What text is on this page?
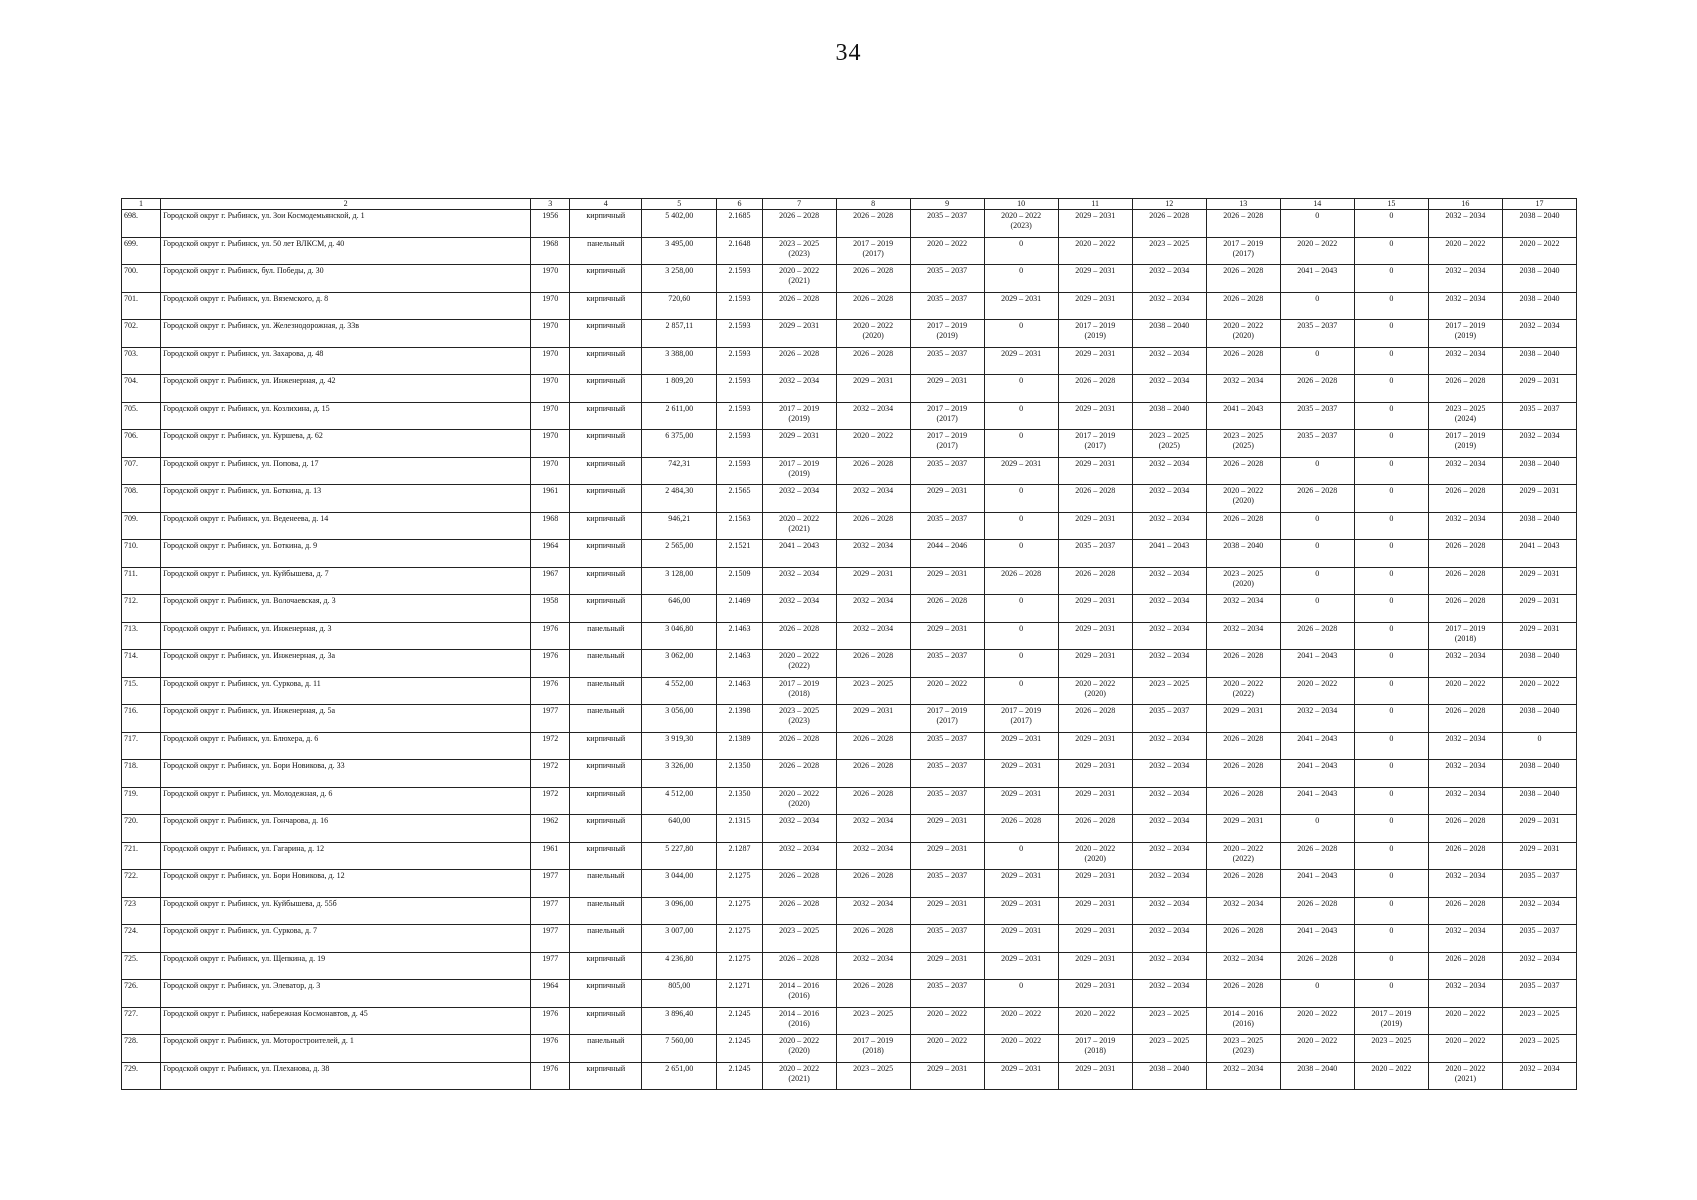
34
1	2	3	4	5	6	7	8	9	10	11	12	13	14	15	16	17

698.	Городской округ г. Рыбинск, ул. Зои Космодемьянской, д. 1	1956	кирпичный	5 402,00	2.1685	2026 – 2028	2026 – 2028	2035 – 2037	2020 – 2022
(2023)	2029 – 2031	2026 – 2028	2026 – 2028	0	0	2032 – 2034	2038 – 2040

699.	Городской округ г. Рыбинск, ул. 50 лет ВЛКСМ, д. 40	1968	панельный	3 495,00	2.1648	2023 – 2025
(2023)	2017 – 2019
(2017)	2020 – 2022	0	2020 – 2022	2023 – 2025	2017 – 2019
(2017)	2020 – 2022	0	2020 – 2022	2020 – 2022

700.	Городской округ г. Рыбинск, бул. Победы, д. 30	1970	кирпичный	3 258,00	2.1593	2020 – 2022
(2021)	2026 – 2028	2035 – 2037	0	2029 – 2031	2032 – 2034	2026 – 2028	2041 – 2043	0	2032 – 2034	2038 – 2040

701.	Городской округ г. Рыбинск, ул. Вяземского, д. 8	1970	кирпичный	720,60	2.1593	2026 – 2028	2026 – 2028	2035 – 2037	2029 – 2031	2029 – 2031	2032 – 2034	2026 – 2028	0	0	2032 – 2034	2038 – 2040

702.	Городской округ г. Рыбинск, ул. Железнодорожная, д. 33в	1970	кирпичный	2 857,11	2.1593	2029 – 2031	2020 – 2022
(2020)	2017 – 2019
(2019)	0	2017 – 2019
(2019)	2038 – 2040	2020 – 2022
(2020)	2035 – 2037	0	2017 – 2019
(2019)	2032 – 2034

703.	Городской округ г. Рыбинск, ул. Захарова, д. 48	1970	кирпичный	3 388,00	2.1593	2026 – 2028	2026 – 2028	2035 – 2037	2029 – 2031	2029 – 2031	2032 – 2034	2026 – 2028	0	0	2032 – 2034	2038 – 2040

704.	Городской округ г. Рыбинск, ул. Инженерная, д. 42	1970	кирпичный	1 809,20	2.1593	2032 – 2034	2029 – 2031	2029 – 2031	0	2026 – 2028	2032 – 2034	2032 – 2034	2026 – 2028	0	2026 – 2028	2029 – 2031

705.	Городской округ г. Рыбинск, ул. Козлихина, д. 15	1970	кирпичный	2 611,00	2.1593	2017 – 2019
(2019)	2032 – 2034	2017 – 2019
(2017)	0	2029 – 2031	2038 – 2040	2041 – 2043	2035 – 2037	0	2023 – 2025
(2024)	2035 – 2037

706.	Городской округ г. Рыбинск, ул. Куршева, д. 62	1970	кирпичный	6 375,00	2.1593	2029 – 2031	2020 – 2022	2017 – 2019
(2017)	0	2017 – 2019
(2017)	2023 – 2025
(2025)	2023 – 2025
(2025)	2035 – 2037	0	2017 – 2019
(2019)	2032 – 2034

707.	Городской округ г. Рыбинск, ул. Попова, д. 17	1970	кирпичный	742,31	2.1593	2017 – 2019
(2019)	2026 – 2028	2035 – 2037	2029 – 2031	2029 – 2031	2032 – 2034	2026 – 2028	0	0	2032 – 2034	2038 – 2040

708.	Городской округ г. Рыбинск, ул. Боткина, д. 13	1961	кирпичный	2 484,30	2.1565	2032 – 2034	2032 – 2034	2029 – 2031	0	2026 – 2028	2032 – 2034	2020 – 2022
(2020)	2026 – 2028	0	2026 – 2028	2029 – 2031

709.	Городской округ г. Рыбинск, ул. Веденеева, д. 14	1968	кирпичный	946,21	2.1563	2020 – 2022
(2021)	2026 – 2028	2035 – 2037	0	2029 – 2031	2032 – 2034	2026 – 2028	0	0	2032 – 2034	2038 – 2040

710.	Городской округ г. Рыбинск, ул. Боткина, д. 9	1964	кирпичный	2 565,00	2.1521	2041 – 2043	2032 – 2034	2044 – 2046	0	2035 – 2037	2041 – 2043	2038 – 2040	0	0	2026 – 2028	2041 – 2043

711.	Городской округ г. Рыбинск, ул. Куйбышева, д. 7	1967	кирпичный	3 128,00	2.1509	2032 – 2034	2029 – 2031	2029 – 2031	2026 – 2028	2026 – 2028	2032 – 2034	2023 – 2025
(2020)	0	0	2026 – 2028	2029 – 2031

712.	Городской округ г. Рыбинск, ул. Волочаевская, д. 3	1958	кирпичный	646,00	2.1469	2032 – 2034	2032 – 2034	2026 – 2028	0	2029 – 2031	2032 – 2034	2032 – 2034	0	0	2026 – 2028	2029 – 2031

713.	Городской округ г. Рыбинск, ул. Инженерная, д. 3	1976	панельный	3 046,80	2.1463	2026 – 2028	2032 – 2034	2029 – 2031	0	2029 – 2031	2032 – 2034	2032 – 2034	2026 – 2028	0	2017 – 2019
(2018)	2029 – 2031

714.	Городской округ г. Рыбинск, ул. Инженерная, д. 3а	1976	панельный	3 062,00	2.1463	2020 – 2022
(2022)	2026 – 2028	2035 – 2037	0	2029 – 2031	2032 – 2034	2026 – 2028	2041 – 2043	0	2032 – 2034	2038 – 2040

715.	Городской округ г. Рыбинск, ул. Суркова, д. 11	1976	панельный	4 552,00	2.1463	2017 – 2019
(2018)	2023 – 2025	2020 – 2022	0	2020 – 2022
(2020)	2023 – 2025	2020 – 2022
(2022)	2020 – 2022	0	2020 – 2022	2020 – 2022

716.	Городской округ г. Рыбинск, ул. Инженерная, д. 5а	1977	панельный	3 056,00	2.1398	2023 – 2025
(2023)	2029 – 2031	2017 – 2019
(2017)	2017 – 2019
(2017)	2026 – 2028	2035 – 2037	2029 – 2031	2032 – 2034	0	2026 – 2028	2038 – 2040

717.	Городской округ г. Рыбинск, ул. Блюхера, д. 6	1972	кирпичный	3 919,30	2.1389	2026 – 2028	2026 – 2028	2035 – 2037	2029 – 2031	2029 – 2031	2032 – 2034	2026 – 2028	2041 – 2043	0	2032 – 2034	0

718.	Городской округ г. Рыбинск, ул. Бори Новикова, д. 33	1972	кирпичный	3 326,00	2.1350	2026 – 2028	2026 – 2028	2035 – 2037	2029 – 2031	2029 – 2031	2032 – 2034	2026 – 2028	2041 – 2043	0	2032 – 2034	2038 – 2040

719.	Городской округ г. Рыбинск, ул. Молодежная, д. 6	1972	кирпичный	4 512,00	2.1350	2020 – 2022
(2020)	2026 – 2028	2035 – 2037	2029 – 2031	2029 – 2031	2032 – 2034	2026 – 2028	2041 – 2043	0	2032 – 2034	2038 – 2040

720.	Городской округ г. Рыбинск, ул. Гончарова, д. 16	1962	кирпичный	640,00	2.1315	2032 – 2034	2032 – 2034	2029 – 2031	2026 – 2028	2026 – 2028	2032 – 2034	2029 – 2031	0	0	2026 – 2028	2029 – 2031

721.	Городской округ г. Рыбинск, ул. Гагарина, д. 12	1961	кирпичный	5 227,80	2.1287	2032 – 2034	2032 – 2034	2029 – 2031	0	2020 – 2022
(2020)	2032 – 2034	2020 – 2022
(2022)	2026 – 2028	0	2026 – 2028	2029 – 2031

722.	Городской округ г. Рыбинск, ул. Бори Новикова, д. 12	1977	панельный	3 044,00	2.1275	2026 – 2028	2026 – 2028	2035 – 2037	2029 – 2031	2029 – 2031	2032 – 2034	2026 – 2028	2041 – 2043	0	2032 – 2034	2035 – 2037

723	Городской округ г. Рыбинск, ул. Куйбышева, д. 55б	1977	панельный	3 096,00	2.1275	2026 – 2028	2032 – 2034	2029 – 2031	2029 – 2031	2029 – 2031	2032 – 2034	2032 – 2034	2026 – 2028	0	2026 – 2028	2032 – 2034

724.	Городской округ г. Рыбинск, ул. Суркова, д. 7	1977	панельный	3 007,00	2.1275	2023 – 2025	2026 – 2028	2035 – 2037	2029 – 2031	2029 – 2031	2032 – 2034	2026 – 2028	2041 – 2043	0	2032 – 2034	2035 – 2037

725.	Городской округ г. Рыбинск, ул. Щепкина, д. 19	1977	кирпичный	4 236,80	2.1275	2026 – 2028	2032 – 2034	2029 – 2031	2029 – 2031	2029 – 2031	2032 – 2034	2032 – 2034	2026 – 2028	0	2026 – 2028	2032 – 2034

726.	Городской округ г. Рыбинск, ул. Элеватор, д. 3	1964	кирпичный	805,00	2.1271	2014 – 2016
(2016)	2026 – 2028	2035 – 2037	0	2029 – 2031	2032 – 2034	2026 – 2028	0	0	2032 – 2034	2035 – 2037

727.	Городской округ г. Рыбинск, набережная Космонавтов, д. 45	1976	кирпичный	3 896,40	2.1245	2014 – 2016
(2016)	2023 – 2025	2020 – 2022	2020 – 2022	2020 – 2022	2023 – 2025	2014 – 2016
(2016)	2020 – 2022	2017 – 2019
(2019)	2020 – 2022	2023 – 2025

728.	Городской округ г. Рыбинск, ул. Моторостроителей, д. 1	1976	панельный	7 560,00	2.1245	2020 – 2022
(2020)	2017 – 2019
(2018)	2020 – 2022	2020 – 2022	2017 – 2019
(2018)	2023 – 2025	2023 – 2025
(2023)	2020 – 2022	2023 – 2025	2020 – 2022	2023 – 2025

729.	Городской округ г. Рыбинск, ул. Плеханова, д. 38	1976	кирпичный	2 651,00	2.1245	2020 – 2022
(2021)	2023 – 2025	2029 – 2031	2029 – 2031	2029 – 2031	2038 – 2040	2032 – 2034	2038 – 2040	2020 – 2022	2020 – 2022
(2021)	2032 – 2034
